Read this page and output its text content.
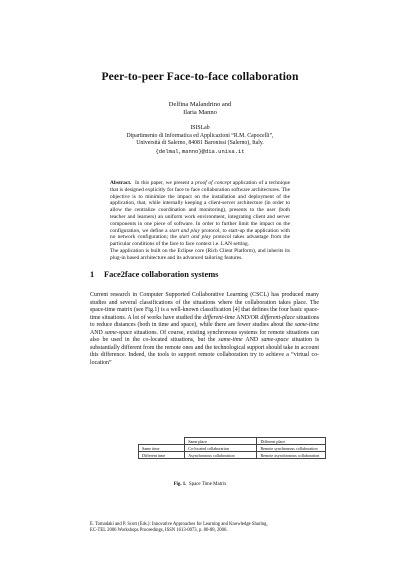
Peer-to-peer Face-to-face collaboration
Delfina Malandrino and
Ilaria Manno
ISISLab
Dipartimento di Informatica ed Applicazioni “R.M. Capocelli”,
Università di Salerno, 84081 Baronissi (Salerno), Italy.
{delmal,manno}@dia.unisa.it

Abstract. In this paper, we present a proof of concept application of a technique that is designed explicitly for face to face collaboration software architectures. The objective is to minimize the impact on the installation and deployment of the application, that, while internally keeping a client-server architecture (in order to allow the centralize coordination and monitoring), presents to the user (both teacher and learners) an uniform work environment, integrating client and server components in one piece of software. In order to further limit the impact on the configuration, we define a start and play protocol, to start-up the application with no network configuration; the start and play protocol takes advantage from the particular conditions of the face to face context i.e. LAN setting.

The application is built on the Eclipse core (Rich Client Platform), and inherits its plug-in based architecture and its advanced tailoring features.

1 Face2face collaboration systems

Current research in Computer Supported Collaborative Learning (CSCL) has produced many studies and several classifications of the situations where the collaboration takes place. The space-time matrix (see Fig.1) is a well-known classification [4] that defines the four basic space-time situations. A lot of works have studied the different-time AND/OR different-place situations to reduce distances (both in time and space), while there are fewer studies about the same-time AND same-space situations. Of course, existing synchronous systems for remote situations can also be used in the co-located situations, but the same-time AND same-space situation is substantially different from the remote ones and the technological support should take in account this difference. Indeed, the tools to support remote collaboration try to achieve a “virtual co-location”

	Same place	Different place
Same time	Co-located collaboration	Remote synchronous collaboration
Different time	Asynchronous collaboration	Remote asynchronous collaboration
Fig. 1. Space Time Matrix

E. Tomadaki and P. Scott (Eds.): Innovative Approaches for Learning and Knowledge Sharing,

EC-TEL 2006 Workshops Proceedings, ISSN 1613-0073, p. 80-88, 2006.
